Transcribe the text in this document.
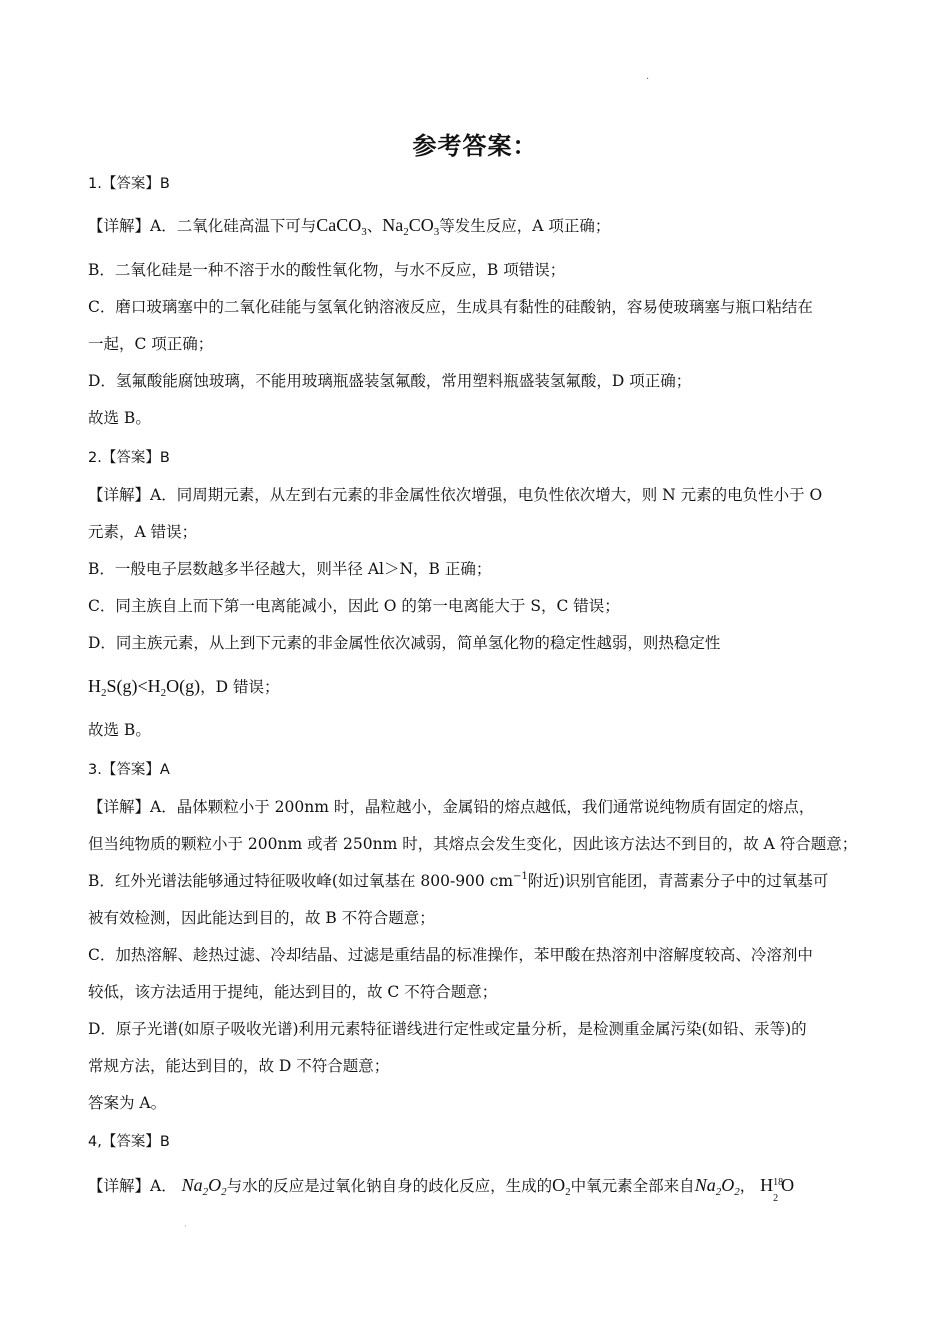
·
参考答案：
1.【答案】B
【详解】A．二氧化硅高温下可与CaCO$_3$、$Na_2CO_3$等发生反应，A 项正确；
B．二氧化硅是一种不溶于水的酸性氧化物，与水不反应，B 项错误；
C．磨口玻璃塞中的二氧化硅能与氢氧化钠溶液反应，生成具有黏性的硅酸钠，容易使玻璃塞与瓶口粘结在
一起，C 项正确；
D．氢氟酸能腐蚀玻璃，不能用玻璃瓶盛装氢氟酸，常用塑料瓶盛装氢氟酸，D 项正确；
故选 B。
2.【答案】B
【详解】A．同周期元素，从左到右元素的非金属性依次增强，电负性依次增大，则 N 元素的电负性小于 O
元素，A 错误；
B．一般电子层数越多半径越大，则半径 Al＞N，B 正确；
C．同主族自上而下第一电离能减小，因此 O 的第一电离能大于 S，C 错误；
D．同主族元素，从上到下元素的非金属性依次减弱，简单氢化物的稳定性越弱，则热稳定性
$H_2S(g)<H_2O(g)$，D 错误；
故选 B。
3.【答案】A
【详解】A．晶体颗粒小于 200nm 时，晶粒越小，金属铅的熔点越低，我们通常说纯物质有固定的熔点，
但当纯物质的颗粒小于 200nm 或者 250nm 时，其熔点会发生变化，因此该方法达不到目的，故 A 符合题意；
B．红外光谱法能够通过特征吸收峰(如过氧基在 800-900 $cm^{-1}$附近)识别官能团，青蒿素分子中的过氧基可
被有效检测，因此能达到目的，故 B 不符合题意；
C．加热溶解、趁热过滤、冷却结晶、过滤是重结晶的标准操作，苯甲酸在热溶剂中溶解度较高、冷溶剂中
较低，该方法适用于提纯，能达到目的，故 C 不符合题意；
D．原子光谱(如原子吸收光谱)利用元素特征谱线进行定性或定量分析，是检测重金属污染(如铅、汞等)的
常规方法，能达到目的，故 D 不符合题意；
答案为 A。
4,【答案】B
【详解】A． $Na_2O_2$与水的反应是过氧化钠自身的歧化反应，生成的$O_2$中氧元素全部来自$Na_2O_2$， H 18
2
O
·
